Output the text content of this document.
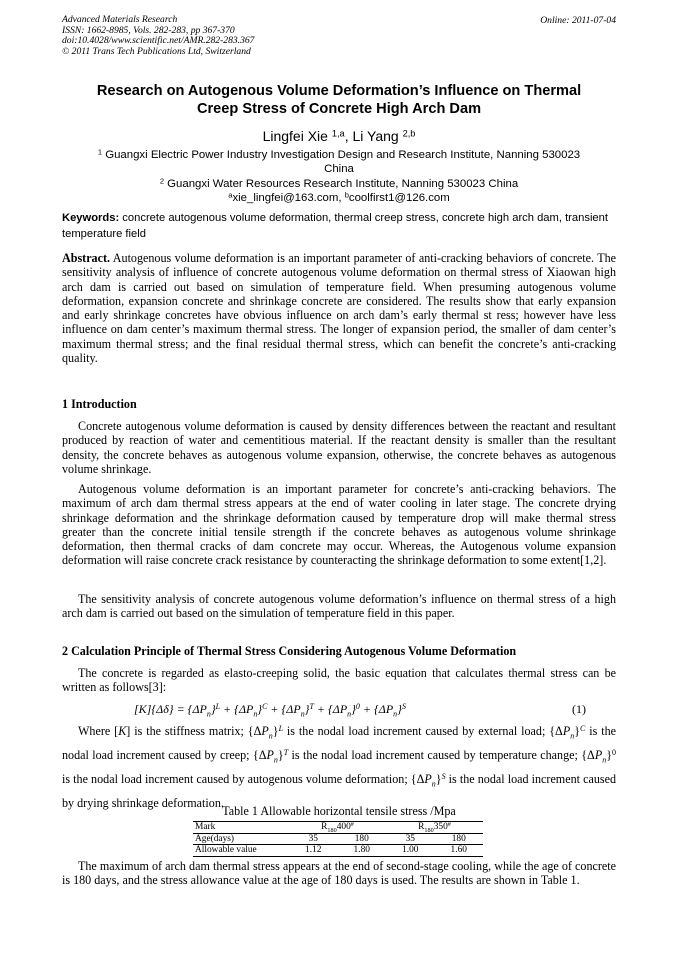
Advanced Materials Research
ISSN: 1662-8985, Vols. 282-283, pp 367-370
doi:10.4028/www.scientific.net/AMR.282-283.367
© 2011 Trans Tech Publications Ltd, Switzerland
Online: 2011-07-04
Research on Autogenous Volume Deformation’s Influence on Thermal
Creep Stress of Concrete High Arch Dam
Lingfei Xie $^{1,a}$, Li Yang $^{2,b}$
$^1$ Guangxi Electric Power Industry Investigation Design and Research Institute, Nanning 530023
China
$^2$ Guangxi Water Resources Research Institute, Nanning 530023 China
$^a$xie_lingfei@163.com, $^b$coolfirst1@126.com
Keywords: concrete autogenous volume deformation, thermal creep stress, concrete high arch dam, transient temperature field
Abstract. Autogenous volume deformation is an important parameter of anti-cracking behaviors of concrete. The sensitivity analysis of influence of concrete autogenous volume deformation on thermal stress of Xiaowan high arch dam is carried out based on simulation of temperature field. When presuming autogenous volume deformation, expansion concrete and shrinkage concrete are considered. The results show that early expansion and early shrinkage concretes have obvious influence on arch dam’s early thermal st ress; however have less influence on dam center’s maximum thermal stress. The longer of expansion period, the smaller of dam center’s maximum thermal stress; and the final residual thermal stress, which can benefit the concrete’s anti-cracking quality.
1 Introduction
Concrete autogenous volume deformation is caused by density differences between the reactant and resultant produced by reaction of water and cementitious material. If the reactant density is smaller than the resultant density, the concrete behaves as autogenous volume expansion, otherwise, the concrete behaves as autogenous volume shrinkage.
Autogenous volume deformation is an important parameter for concrete’s anti-cracking behaviors. The maximum of arch dam thermal stress appears at the end of water cooling in later stage. The concrete drying shrinkage deformation and the shrinkage deformation caused by temperature drop will make thermal stress greater than the concrete initial tensile strength if the concrete behaves as autogenous volume shrinkage deformation, then thermal cracks of dam concrete may occur. Whereas, the Autogenous volume expansion deformation will raise concrete crack resistance by counteracting the shrinkage deformation to some extent[1,2].
The sensitivity analysis of concrete autogenous volume deformation’s influence on thermal stress of a high arch dam is carried out based on the simulation of temperature field in this paper.
2 Calculation Principle of Thermal Stress Considering Autogenous Volume Deformation
The concrete is regarded as elasto-creeping solid, the basic equation that calculates thermal stress can be written as follows[3]:
$[K]\{\Delta\delta\} = \{\Delta P_n\}^L + \{\Delta P_n\}^C + \{\Delta P_n\}^T + \{\Delta P_n\}^0 + \{\Delta P_n\}^S$	(1)
Where [K] is the stiffness matrix; $\{\Delta P_n\}^L$ is the nodal load increment caused by external load; $\{\Delta P_n\}^C$ is the nodal load increment caused by creep; $\{\Delta P_n\}^T$ is the nodal load increment caused by temperature change; $\{\Delta P_n\}^0$ is the nodal load increment caused by autogenous volume deformation; $\{\Delta P_n\}^S$ is the nodal load increment caused by drying shrinkage deformation.
Table 1 Allowable horizontal tensile stress /Mpa
Mark	$R_{180}400^{\#}$		$R_{180}350^{\#}$
Age(days)	35	180	35	180
Allowable value	1.12	1.80	1.00	1.60
The maximum of arch dam thermal stress appears at the end of second-stage cooling, while the age of concrete is 180 days, and the stress allowance value at the age of 180 days is used. The results are shown in Table 1.
